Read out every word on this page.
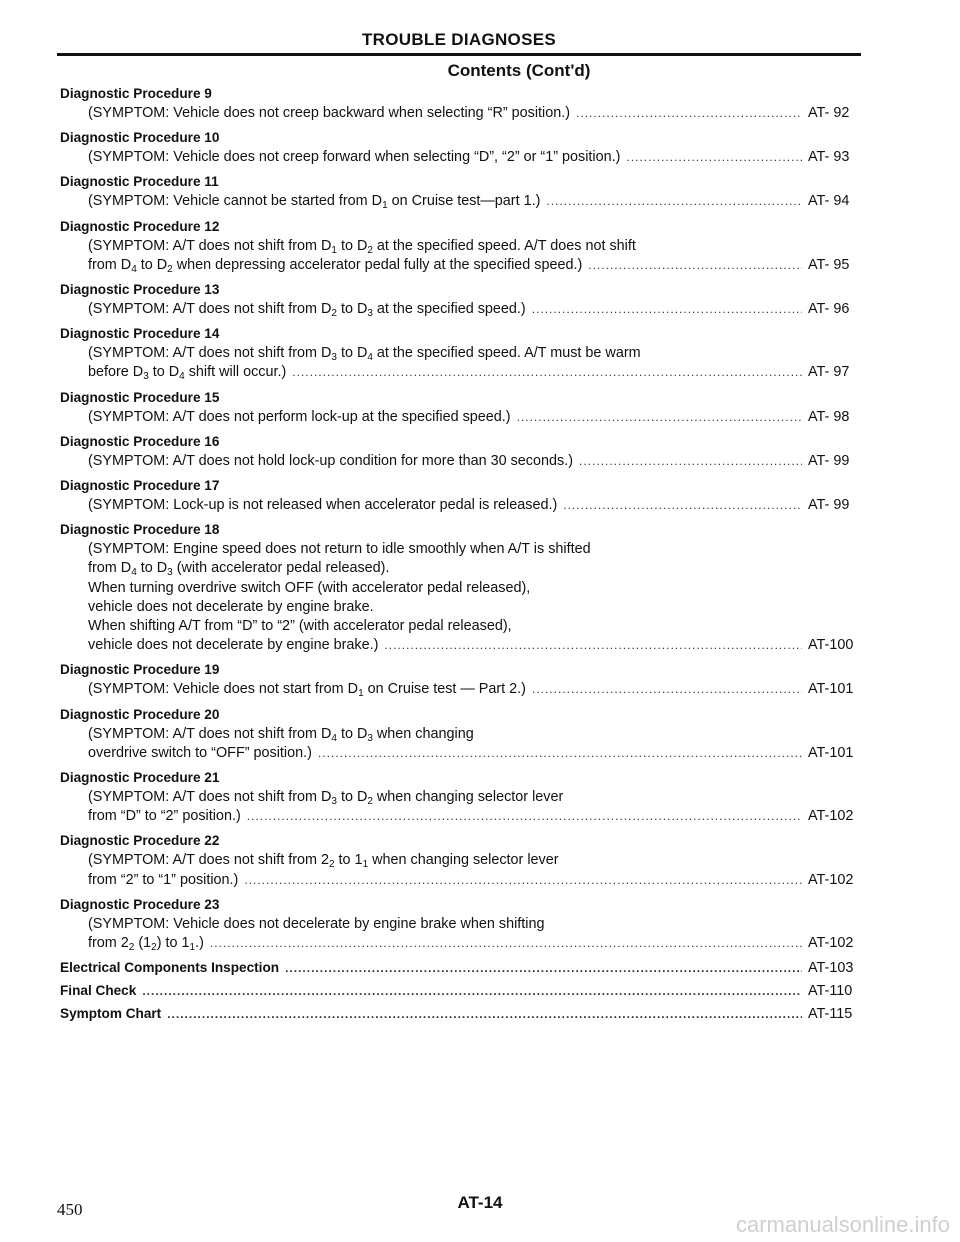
TROUBLE DIAGNOSES
Contents (Cont'd)
Diagnostic Procedure 9
(SYMPTOM: Vehicle does not creep backward when selecting “R” position.) .....	AT- 92
Diagnostic Procedure 10
(SYMPTOM: Vehicle does not creep forward when selecting “D”, “2” or “1” position.) .....	AT- 93
Diagnostic Procedure 11
(SYMPTOM: Vehicle cannot be started from $D_1$ on Cruise test—part 1.) .....	AT- 94
Diagnostic Procedure 12
(SYMPTOM: A/T does not shift from $D_1$ to $D_2$ at the specified speed. A/T does not shift
from $D_4$ to $D_2$ when depressing accelerator pedal fully at the specified speed.) .....	AT- 95
Diagnostic Procedure 13
(SYMPTOM: A/T does not shift from $D_2$ to $D_3$ at the specified speed.) .....	AT- 96
Diagnostic Procedure 14
(SYMPTOM: A/T does not shift from $D_3$ to $D_4$ at the specified speed. A/T must be warm
before $D_3$ to $D_4$ shift will occur.) .....	AT- 97
Diagnostic Procedure 15
(SYMPTOM: A/T does not perform lock-up at the specified speed.) .....	AT- 98
Diagnostic Procedure 16
(SYMPTOM: A/T does not hold lock-up condition for more than 30 seconds.) .....	AT- 99
Diagnostic Procedure 17
(SYMPTOM: Lock-up is not released when accelerator pedal is released.) .....	AT- 99
Diagnostic Procedure 18
(SYMPTOM: Engine speed does not return to idle smoothly when A/T is shifted
from $D_4$ to $D_3$ (with accelerator pedal released).
When turning overdrive switch OFF (with accelerator pedal released),
vehicle does not decelerate by engine brake.
When shifting A/T from “D” to “2” (with accelerator pedal released),
vehicle does not decelerate by engine brake.) .....	AT-100
Diagnostic Procedure 19
(SYMPTOM: Vehicle does not start from $D_1$ on Cruise test — Part 2.) .....	AT-101
Diagnostic Procedure 20
(SYMPTOM: A/T does not shift from $D_4$ to $D_3$ when changing
overdrive switch to “OFF” position.) .....	AT-101
Diagnostic Procedure 21
(SYMPTOM: A/T does not shift from $D_3$ to $D_2$ when changing selector lever
from “D” to “2” position.) .....	AT-102
Diagnostic Procedure 22
(SYMPTOM: A/T does not shift from $2_2$ to $1_1$ when changing selector lever
from “2” to “1” position.) .....	AT-102
Diagnostic Procedure 23
(SYMPTOM: Vehicle does not decelerate by engine brake when shifting
from $2_2$ $(1_2)$ to $1_1$.) .....	AT-102
Electrical Components Inspection .....	AT-103
Final Check .....	AT-110
Symptom Chart .....	AT-115
450	AT-14
carmanualsonline.info
